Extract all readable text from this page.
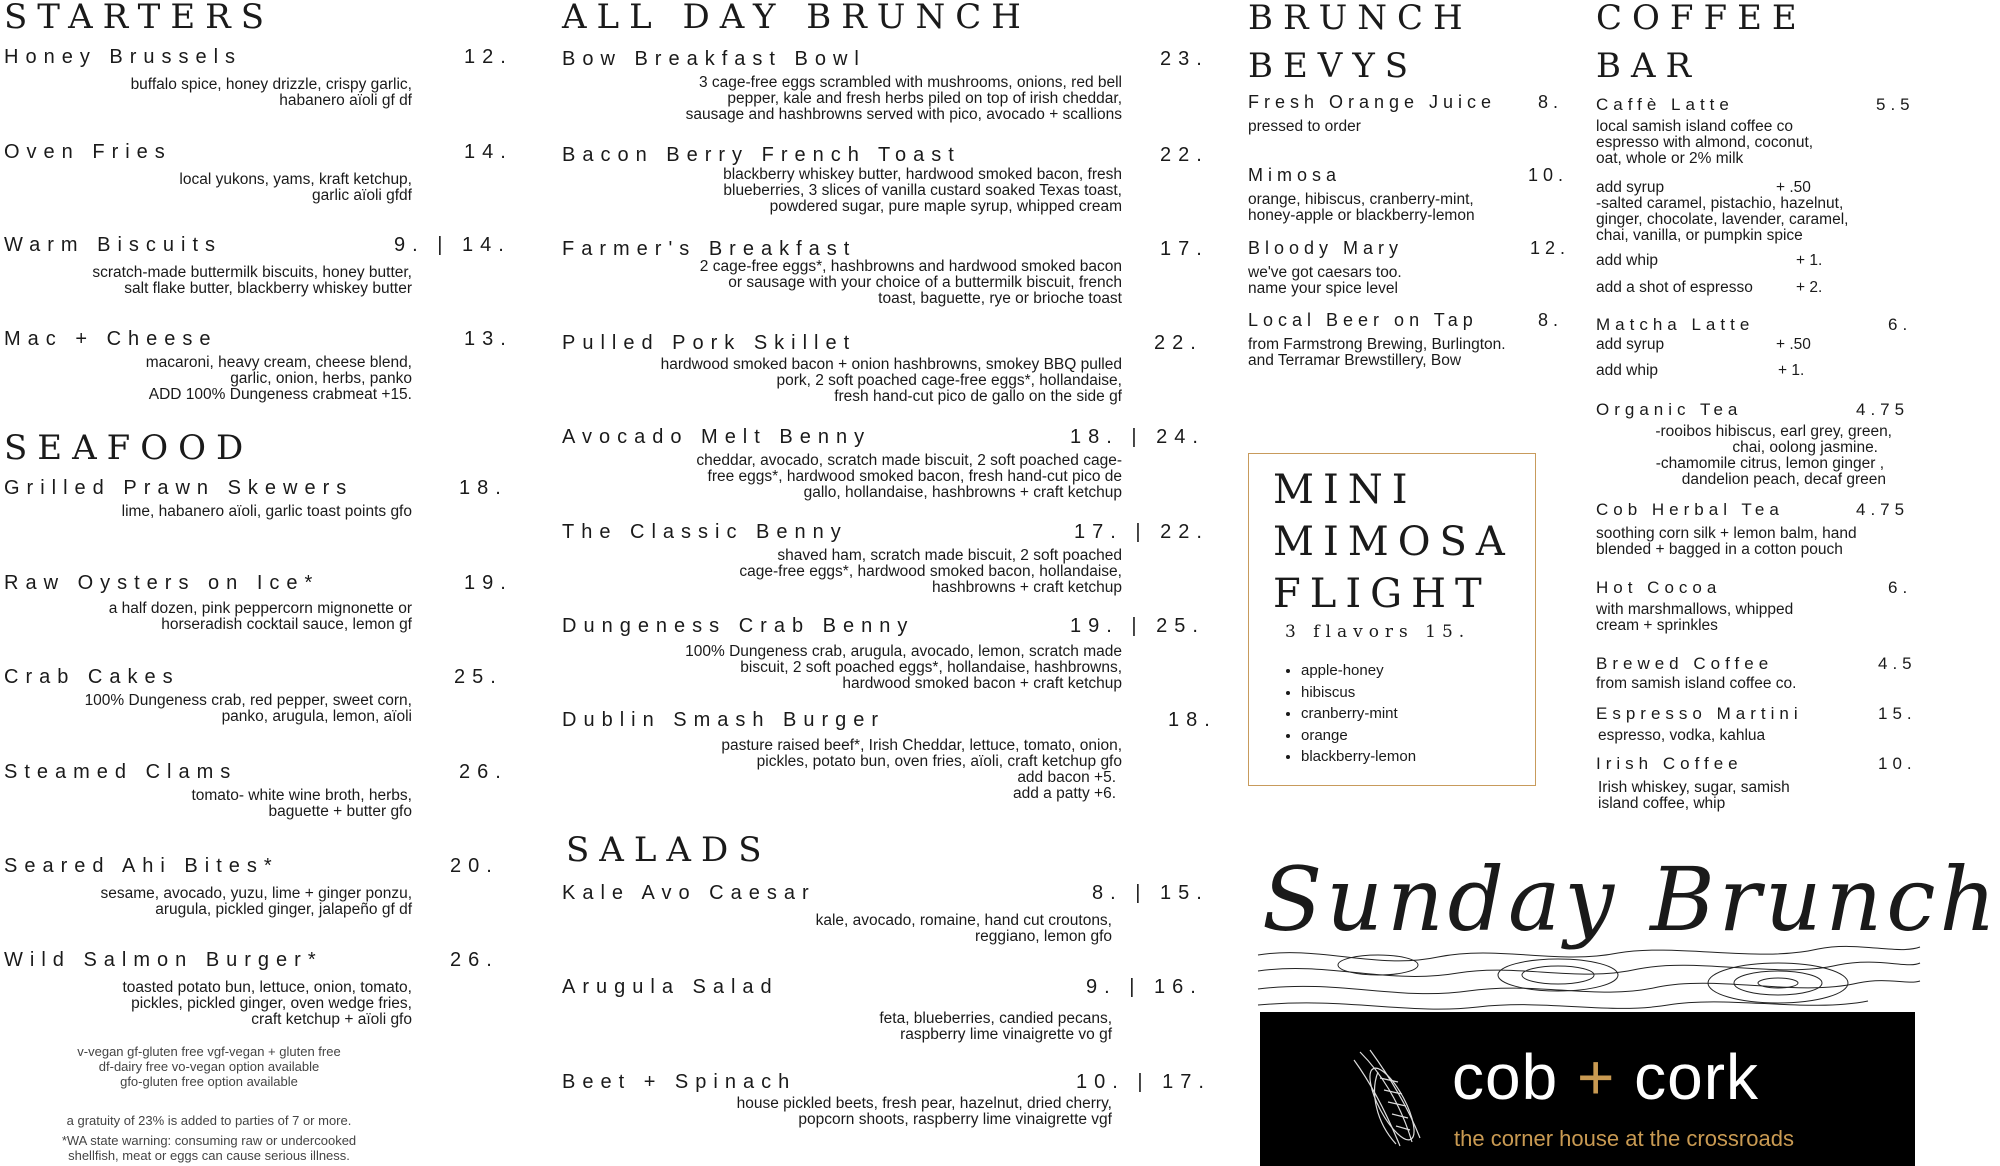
STARTERS
Honey Brussels	12.
buffalo spice, honey drizzle, crispy garlic,
habanero aïoli gf df
Oven Fries	14.
local yukons, yams, kraft ketchup,
garlic aïoli gfdf
Warm Biscuits	9. | 14.
scratch-made buttermilk biscuits, honey butter,
salt flake butter, blackberry whiskey butter
Mac + Cheese	13.
macaroni, heavy cream, cheese blend,
garlic, onion, herbs, panko
ADD 100% Dungeness crabmeat +15.
SEAFOOD
Grilled Prawn Skewers	18.
lime, habanero aïoli, garlic toast points gfo
Raw Oysters on Ice*	19.
a half dozen, pink peppercorn mignonette or
horseradish cocktail sauce, lemon gf
Crab Cakes	25.
100% Dungeness crab, red pepper, sweet corn,
panko, arugula, lemon, aïoli
Steamed Clams	26.
tomato- white wine broth, herbs,
baguette + butter gfo
Seared Ahi Bites*	20.
sesame, avocado, yuzu, lime + ginger ponzu,
arugula, pickled ginger, jalapeño gf df
Wild Salmon Burger*	26.
toasted potato bun, lettuce, onion, tomato,
pickles, pickled ginger, oven wedge fries,
craft ketchup + aïoli gfo
v-vegan gf-gluten free vgf-vegan + gluten free
df-dairy free vo-vegan option available
gfo-gluten free option available
a gratuity of 23% is added to parties of 7 or more.
*WA state warning: consuming raw or undercooked
shellfish, meat or eggs can cause serious illness.
ALL DAY BRUNCH
Bow Breakfast Bowl	23.
3 cage-free eggs scrambled with mushrooms, onions, red bell
pepper, kale and fresh herbs piled on top of irish cheddar,
sausage and hashbrowns served with pico, avocado + scallions
Bacon Berry French Toast	22.
blackberry whiskey butter, hardwood smoked bacon, fresh
blueberries, 3 slices of vanilla custard soaked Texas toast,
powdered sugar, pure maple syrup, whipped cream
Farmer's Breakfast	17.
2 cage-free eggs*, hashbrowns and hardwood smoked bacon
or sausage with your choice of a buttermilk biscuit, french
toast, baguette, rye or brioche toast
Pulled Pork Skillet	22.
hardwood smoked bacon + onion hashbrowns, smokey BBQ pulled
pork, 2 soft poached cage-free eggs*, hollandaise,
fresh hand-cut pico de gallo on the side gf
Avocado Melt Benny	18. | 24.
cheddar, avocado, scratch made biscuit, 2 soft poached cage-
free eggs*, hardwood smoked bacon, fresh hand-cut pico de
gallo, hollandaise, hashbrowns + craft ketchup
The Classic Benny	17. | 22.
shaved ham, scratch made biscuit, 2 soft poached
cage-free eggs*, hardwood smoked bacon, hollandaise,
hashbrowns + craft ketchup
Dungeness Crab Benny	19. | 25.
100% Dungeness crab, arugula, avocado, lemon, scratch made
biscuit, 2 soft poached eggs*, hollandaise, hashbrowns,
hardwood smoked bacon + craft ketchup
Dublin Smash Burger	18.
pasture raised beef*, Irish Cheddar, lettuce, tomato, onion,
pickles, potato bun, oven fries, aïoli, craft ketchup gfo
add bacon +5.
add a patty +6.
SALADS
Kale Avo Caesar	8. | 15.
kale, avocado, romaine, hand cut croutons,
reggiano, lemon gfo
Arugula Salad	9. | 16.
feta, blueberries, candied pecans,
raspberry lime vinaigrette vo gf
Beet + Spinach	10. | 17.
house pickled beets, fresh pear, hazelnut, dried cherry,
popcorn shoots, raspberry lime vinaigrette vgf
BRUNCH
BEVYS
Fresh Orange Juice	8.
pressed to order
Mimosa	10.
orange, hibiscus, cranberry-mint,
honey-apple or blackberry-lemon
Bloody Mary	12.
we've got caesars too.
name your spice level
Local Beer on Tap	8.
from Farmstrong Brewing, Burlington.
and Terramar Brewstillery, Bow
MINI
MIMOSA
FLIGHT
3 flavors 15.
• apple-honey
• hibiscus
• cranberry-mint
• orange
• blackberry-lemon
COFFEE
BAR
Caffè Latte	5.5
local samish island coffee co
espresso with almond, coconut,
oat, whole or 2% milk
add syrup	+ .50
-salted caramel, pistachio, hazelnut,
ginger, chocolate, lavender, caramel,
chai, vanilla, or pumpkin spice
add whip	+ 1.
add a shot of espresso	+ 2.
Matcha Latte	6.
add syrup	+ .50
add whip	+ 1.
Organic Tea	4.75
-rooibos hibiscus, earl grey, green,
chai, oolong jasmine.
-chamomile citrus, lemon ginger ,
dandelion peach, decaf green
Cob Herbal Tea	4.75
soothing corn silk + lemon balm, hand
blended + bagged in a cotton pouch
Hot Cocoa	6.
with marshmallows, whipped
cream + sprinkles
Brewed Coffee	4.5
from samish island coffee co.
Espresso Martini	15.
espresso, vodka, kahlua
Irish Coffee	10.
Irish whiskey, sugar, samish
island coffee, whip
Sunday Brunch
cob + cork
the corner house at the crossroads
